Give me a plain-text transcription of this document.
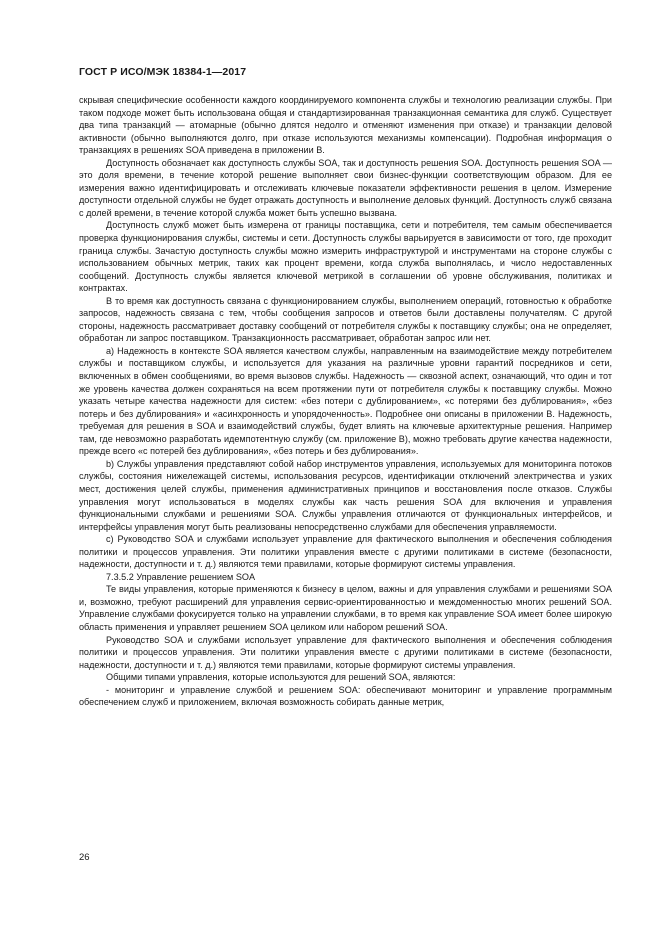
ГОСТ Р ИСО/МЭК 18384-1—2017

скрывая специфические особенности каждого координируемого компонента службы и технологию реализации службы. При таком подходе может быть использована общая и стандартизированная транзакционная семантика для служб. Существует два типа транзакций — атомарные (обычно длятся недолго и отменяют изменения при отказе) и транзакции деловой активности (обычно выполняются долго, при отказе используются механизмы компенсации). Подробная информация о транзакциях в решениях SOA приведена в приложении В.

Доступность обозначает как доступность службы SOA, так и доступность решения SOA. Доступность решения SOA — это доля времени, в течение которой решение выполняет свои бизнес-функции соответствующим образом. Для ее измерения важно идентифицировать и отслеживать ключевые показатели эффективности решения в целом. Измерение доступности отдельной службы не будет отражать доступность и выполнение деловых функций. Доступность служб связана с долей времени, в течение которой служба может быть успешно вызвана.

Доступность служб может быть измерена от границы поставщика, сети и потребителя, тем самым обеспечивается проверка функционирования службы, системы и сети. Доступность службы варьируется в зависимости от того, где проходит граница службы. Зачастую доступность службы можно измерить инфраструктурой и инструментами на стороне службы с использованием обычных метрик, таких как процент времени, когда служба выполнялась, и число недоставленных сообщений. Доступность службы является ключевой метрикой в соглашении об уровне обслуживания, политиках и контрактах.

В то время как доступность связана с функционированием службы, выполнением операций, готовностью к обработке запросов, надежность связана с тем, чтобы сообщения запросов и ответов были доставлены получателям. С другой стороны, надежность рассматривает доставку сообщений от потребителя службы к поставщику службы; она не определяет, обработан ли запрос поставщиком. Транзакционность рассматривает, обработан запрос или нет.

a) Надежность в контексте SOA является качеством службы, направленным на взаимодействие между потребителем службы и поставщиком службы, и используется для указания на различные уровни гарантий посредников и сети, включенных в обмен сообщениями, во время вызовов службы. Надежность — сквозной аспект, означающий, что один и тот же уровень качества должен сохраняться на всем протяжении пути от потребителя службы к поставщику службы. Можно указать четыре качества надежности для систем: «без потери с дублированием», «с потерями без дублирования», «без потерь и без дублирования» и «асинхронность и упорядоченность». Подробнее они описаны в приложении В. Надежность, требуемая для решения в SOA и взаимодействий службы, будет влиять на ключевые архитектурные решения. Например там, где невозможно разработать идемпотентную службу (см. приложение В), можно требовать другие качества надежности, прежде всего «с потерей без дублирования», «без потерь и без дублирования».

b) Службы управления представляют собой набор инструментов управления, используемых для мониторинга потоков службы, состояния нижележащей системы, использования ресурсов, идентификации отключений электричества и узких мест, достижения целей службы, применения административных принципов и восстановления после отказов. Службы управления могут использоваться в моделях службы как часть решения SOA для включения и управления функциональными службами и решениями SOA. Службы управления отличаются от функциональных интерфейсов, и интерфейсы управления могут быть реализованы непосредственно службами для обеспечения управляемости.

c) Руководство SOA и службами использует управление для фактического выполнения и обеспечения соблюдения политики и процессов управления. Эти политики управления вместе с другими политиками в системе (безопасности, надежности, доступности и т. д.) являются теми правилами, которые формируют системы управления.

7.3.5.2 Управление решением SOA

Те виды управления, которые применяются к бизнесу в целом, важны и для управления службами и решениями SOA и, возможно, требуют расширений для управления сервис-ориентированностью и междоменностью многих решений SOA. Управление службами фокусируется только на управлении службами, в то время как управление SOA имеет более широкую область применения и управляет решением SOA целиком или набором решений SOA.

Руководство SOA и службами использует управление для фактического выполнения и обеспечения соблюдения политики и процессов управления. Эти политики управления вместе с другими политиками в системе (безопасности, надежности, доступности и т. д.) являются теми правилами, которые формируют системы управления.

Общими типами управления, которые используются для решений SOA, являются:

- мониторинг и управление службой и решением SOA: обеспечивают мониторинг и управление программным обеспечением служб и приложением, включая возможность собирать данные метрик,

26
